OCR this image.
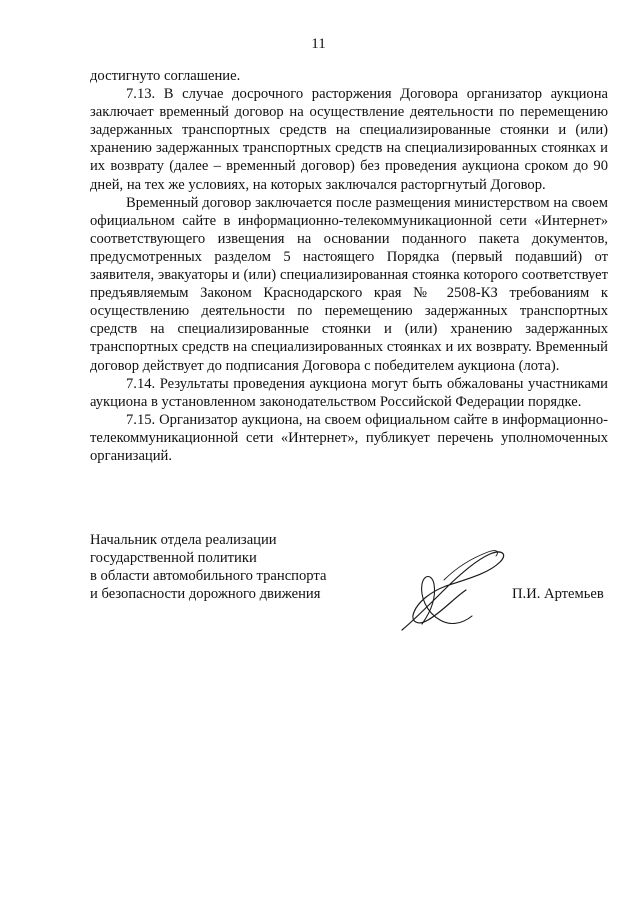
11

достигнуто соглашение.

7.13. В случае досрочного расторжения Договора организатор аукциона заключает временный договор на осуществление деятельности по перемещению задержанных транспортных средств на специализированные стоянки и (или) хранению задержанных транспортных средств на специализированных стоянках и их возврату (далее – временный договор) без проведения аукциона сроком до 90 дней, на тех же условиях, на которых заключался расторгнутый Договор.

Временный договор заключается после размещения министерством на своем официальном сайте в информационно-телекоммуникационной сети «Интернет» соответствующего извещения на основании поданного пакета документов, предусмотренных разделом 5 настоящего Порядка (первый подавший) от заявителя, эвакуаторы и (или) специализированная стоянка которого соответствует предъявляемым Законом Краснодарского края № 2508-КЗ требованиям к осуществлению деятельности по перемещению задержанных транспортных средств на специализированные стоянки и (или) хранению задержанных транспортных средств на специализированных стоянках и их возврату. Временный договор действует до подписания Договора с победителем аукциона (лота).

7.14. Результаты проведения аукциона могут быть обжалованы участниками аукциона в установленном законодательством Российской Федерации порядке.

7.15. Организатор аукциона, на своем официальном сайте в информационно-телекоммуникационной сети «Интернет», публикует перечень уполномоченных организаций.

Начальник отдела реализации
государственной политики
в области автомобильного транспорта
и безопасности дорожного движения	П.И. Артемьев
